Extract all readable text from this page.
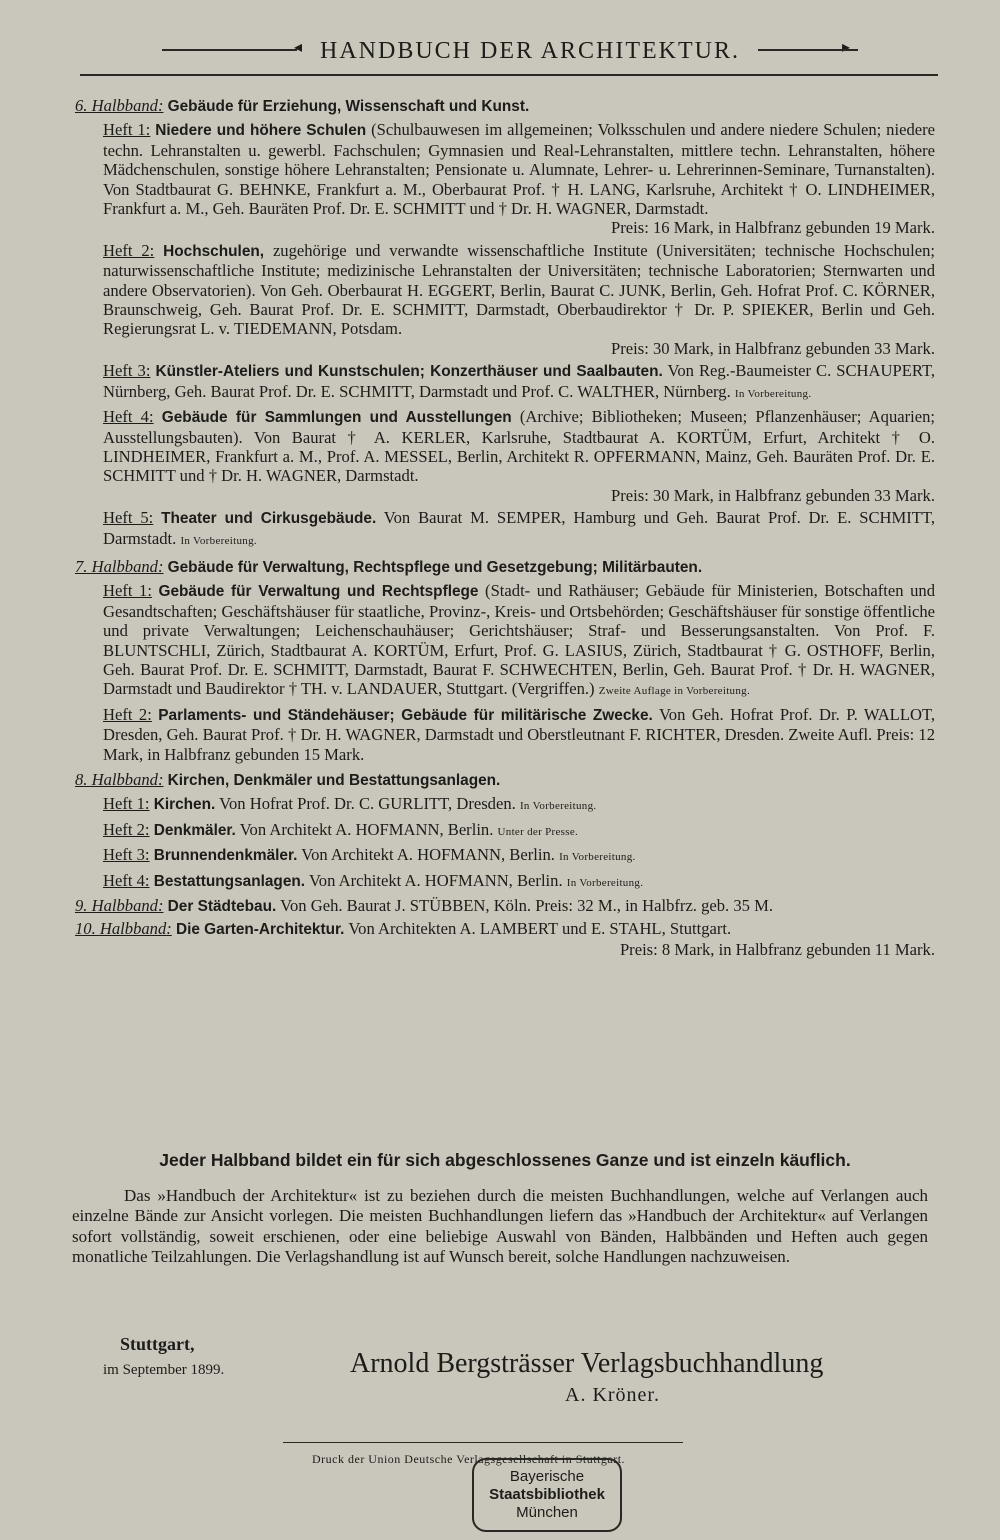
◂ HANDBUCH DER ARCHITEKTUR.	▸
6. Halbband: Gebäude für Erziehung, Wissenschaft und Kunst.
Heft 1: Niedere und höhere Schulen (Schulbauwesen im allgemeinen; Volksschulen und andere niedere Schulen; niedere techn. Lehranstalten u. gewerbl. Fachschulen; Gymnasien und Real-Lehranstalten, mittlere techn. Lehranstalten, höhere Mädchenschulen, sonstige höhere Lehranstalten; Pensionate u. Alumnate, Lehrer- u. Lehrerinnen-Seminare, Turnanstalten). Von Stadtbaurat G. BEHNKE, Frankfurt a. M., Oberbaurat Prof. † H. LANG, Karlsruhe, Architekt † O. LINDHEIMER, Frankfurt a. M., Geh. Bauräten Prof. Dr. E. SCHMITT und † Dr. H. WAGNER, Darmstadt.
Preis: 16 Mark, in Halbfranz gebunden 19 Mark.
Heft 2: Hochschulen, zugehörige und verwandte wissenschaftliche Institute (Universitäten; technische Hochschulen; naturwissenschaftliche Institute; medizinische Lehranstalten der Universitäten; technische Laboratorien; Sternwarten und andere Observatorien). Von Geh. Oberbaurat H. EGGERT, Berlin, Baurat C. JUNK, Berlin, Geh. Hofrat Prof. C. KÖRNER, Braunschweig, Geh. Baurat Prof. Dr. E. SCHMITT, Darmstadt, Oberbaudirektor † Dr. P. SPIEKER, Berlin und Geh. Regierungsrat L. v. TIEDEMANN, Potsdam.
Preis: 30 Mark, in Halbfranz gebunden 33 Mark.
Heft 3: Künstler-Ateliers und Kunstschulen; Konzerthäuser und Saalbauten. Von Reg.-Baumeister C. SCHAUPERT, Nürnberg, Geh. Baurat Prof. Dr. E. SCHMITT, Darmstadt und Prof. C. WALTHER, Nürnberg. In Vorbereitung.
Heft 4: Gebäude für Sammlungen und Ausstellungen (Archive; Bibliotheken; Museen; Pflanzenhäuser; Aquarien; Ausstellungsbauten). Von Baurat † A. KERLER, Karlsruhe, Stadtbaurat A. KORTÜM, Erfurt, Architekt † O. LINDHEIMER, Frankfurt a. M., Prof. A. MESSEL, Berlin, Architekt R. OPFERMANN, Mainz, Geh. Bauräten Prof. Dr. E. SCHMITT und † Dr. H. WAGNER, Darmstadt.
Preis: 30 Mark, in Halbfranz gebunden 33 Mark.
Heft 5: Theater und Cirkusgebäude. Von Baurat M. SEMPER, Hamburg und Geh. Baurat Prof. Dr. E. SCHMITT, Darmstadt. In Vorbereitung.
7. Halbband: Gebäude für Verwaltung, Rechtspflege und Gesetzgebung; Militärbauten.
Heft 1: Gebäude für Verwaltung und Rechtspflege (Stadt- und Rathäuser; Gebäude für Ministerien, Botschaften und Gesandtschaften; Geschäftshäuser für staatliche, Provinz-, Kreis- und Ortsbehörden; Geschäftshäuser für sonstige öffentliche und private Verwaltungen; Leichenschauhäuser; Gerichtshäuser; Straf- und Besserungsanstalten. Von Prof. F. BLUNTSCHLI, Zürich, Stadtbaurat A. KORTÜM, Erfurt, Prof. G. LASIUS, Zürich, Stadtbaurat † G. OSTHOFF, Berlin, Geh. Baurat Prof. Dr. E. SCHMITT, Darmstadt, Baurat F. SCHWECHTEN, Berlin, Geh. Baurat Prof. † Dr. H. WAGNER, Darmstadt und Baudirektor † TH. v. LANDAUER, Stuttgart. (Vergriffen.) Zweite Auflage in Vorbereitung.
Heft 2: Parlaments- und Ständehäuser; Gebäude für militärische Zwecke. Von Geh. Hofrat Prof. Dr. P. WALLOT, Dresden, Geh. Baurat Prof. † Dr. H. WAGNER, Darmstadt und Oberstleutnant F. RICHTER, Dresden. Zweite Aufl. Preis: 12 Mark, in Halbfranz gebunden 15 Mark.
8. Halbband: Kirchen, Denkmäler und Bestattungsanlagen.
Heft 1: Kirchen. Von Hofrat Prof. Dr. C. GURLITT, Dresden. In Vorbereitung.
Heft 2: Denkmäler. Von Architekt A. HOFMANN, Berlin. Unter der Presse.
Heft 3: Brunnendenkmäler. Von Architekt A. HOFMANN, Berlin. In Vorbereitung.
Heft 4: Bestattungsanlagen. Von Architekt A. HOFMANN, Berlin. In Vorbereitung.
9. Halbband: Der Städtebau. Von Geh. Baurat J. STÜBBEN, Köln. Preis: 32 M., in Halbfrz. geb. 35 M.
10. Halbband: Die Garten-Architektur. Von Architekten A. LAMBERT und E. STAHL, Stuttgart.
Preis: 8 Mark, in Halbfranz gebunden 11 Mark.
Jeder Halbband bildet ein für sich abgeschlossenes Ganze und ist einzeln käuflich.
Das »Handbuch der Architektur« ist zu beziehen durch die meisten Buchhandlungen, welche auf Verlangen auch einzelne Bände zur Ansicht vorlegen. Die meisten Buchhandlungen liefern das »Handbuch der Architektur« auf Verlangen sofort vollständig, soweit erschienen, oder eine beliebige Auswahl von Bänden, Halbbänden und Heften auch gegen monatliche Teilzahlungen. Die Verlagshandlung ist auf Wunsch bereit, solche Handlungen nachzuweisen.
Stuttgart,
im September 1899.	Arnold Bergsträsser Verlagsbuchhandlung
A. Kröner.
Druck der Union Deutsche Verlagsgesellschaft in Stuttgart.
Bayerische
Staatsbibliothek
München
